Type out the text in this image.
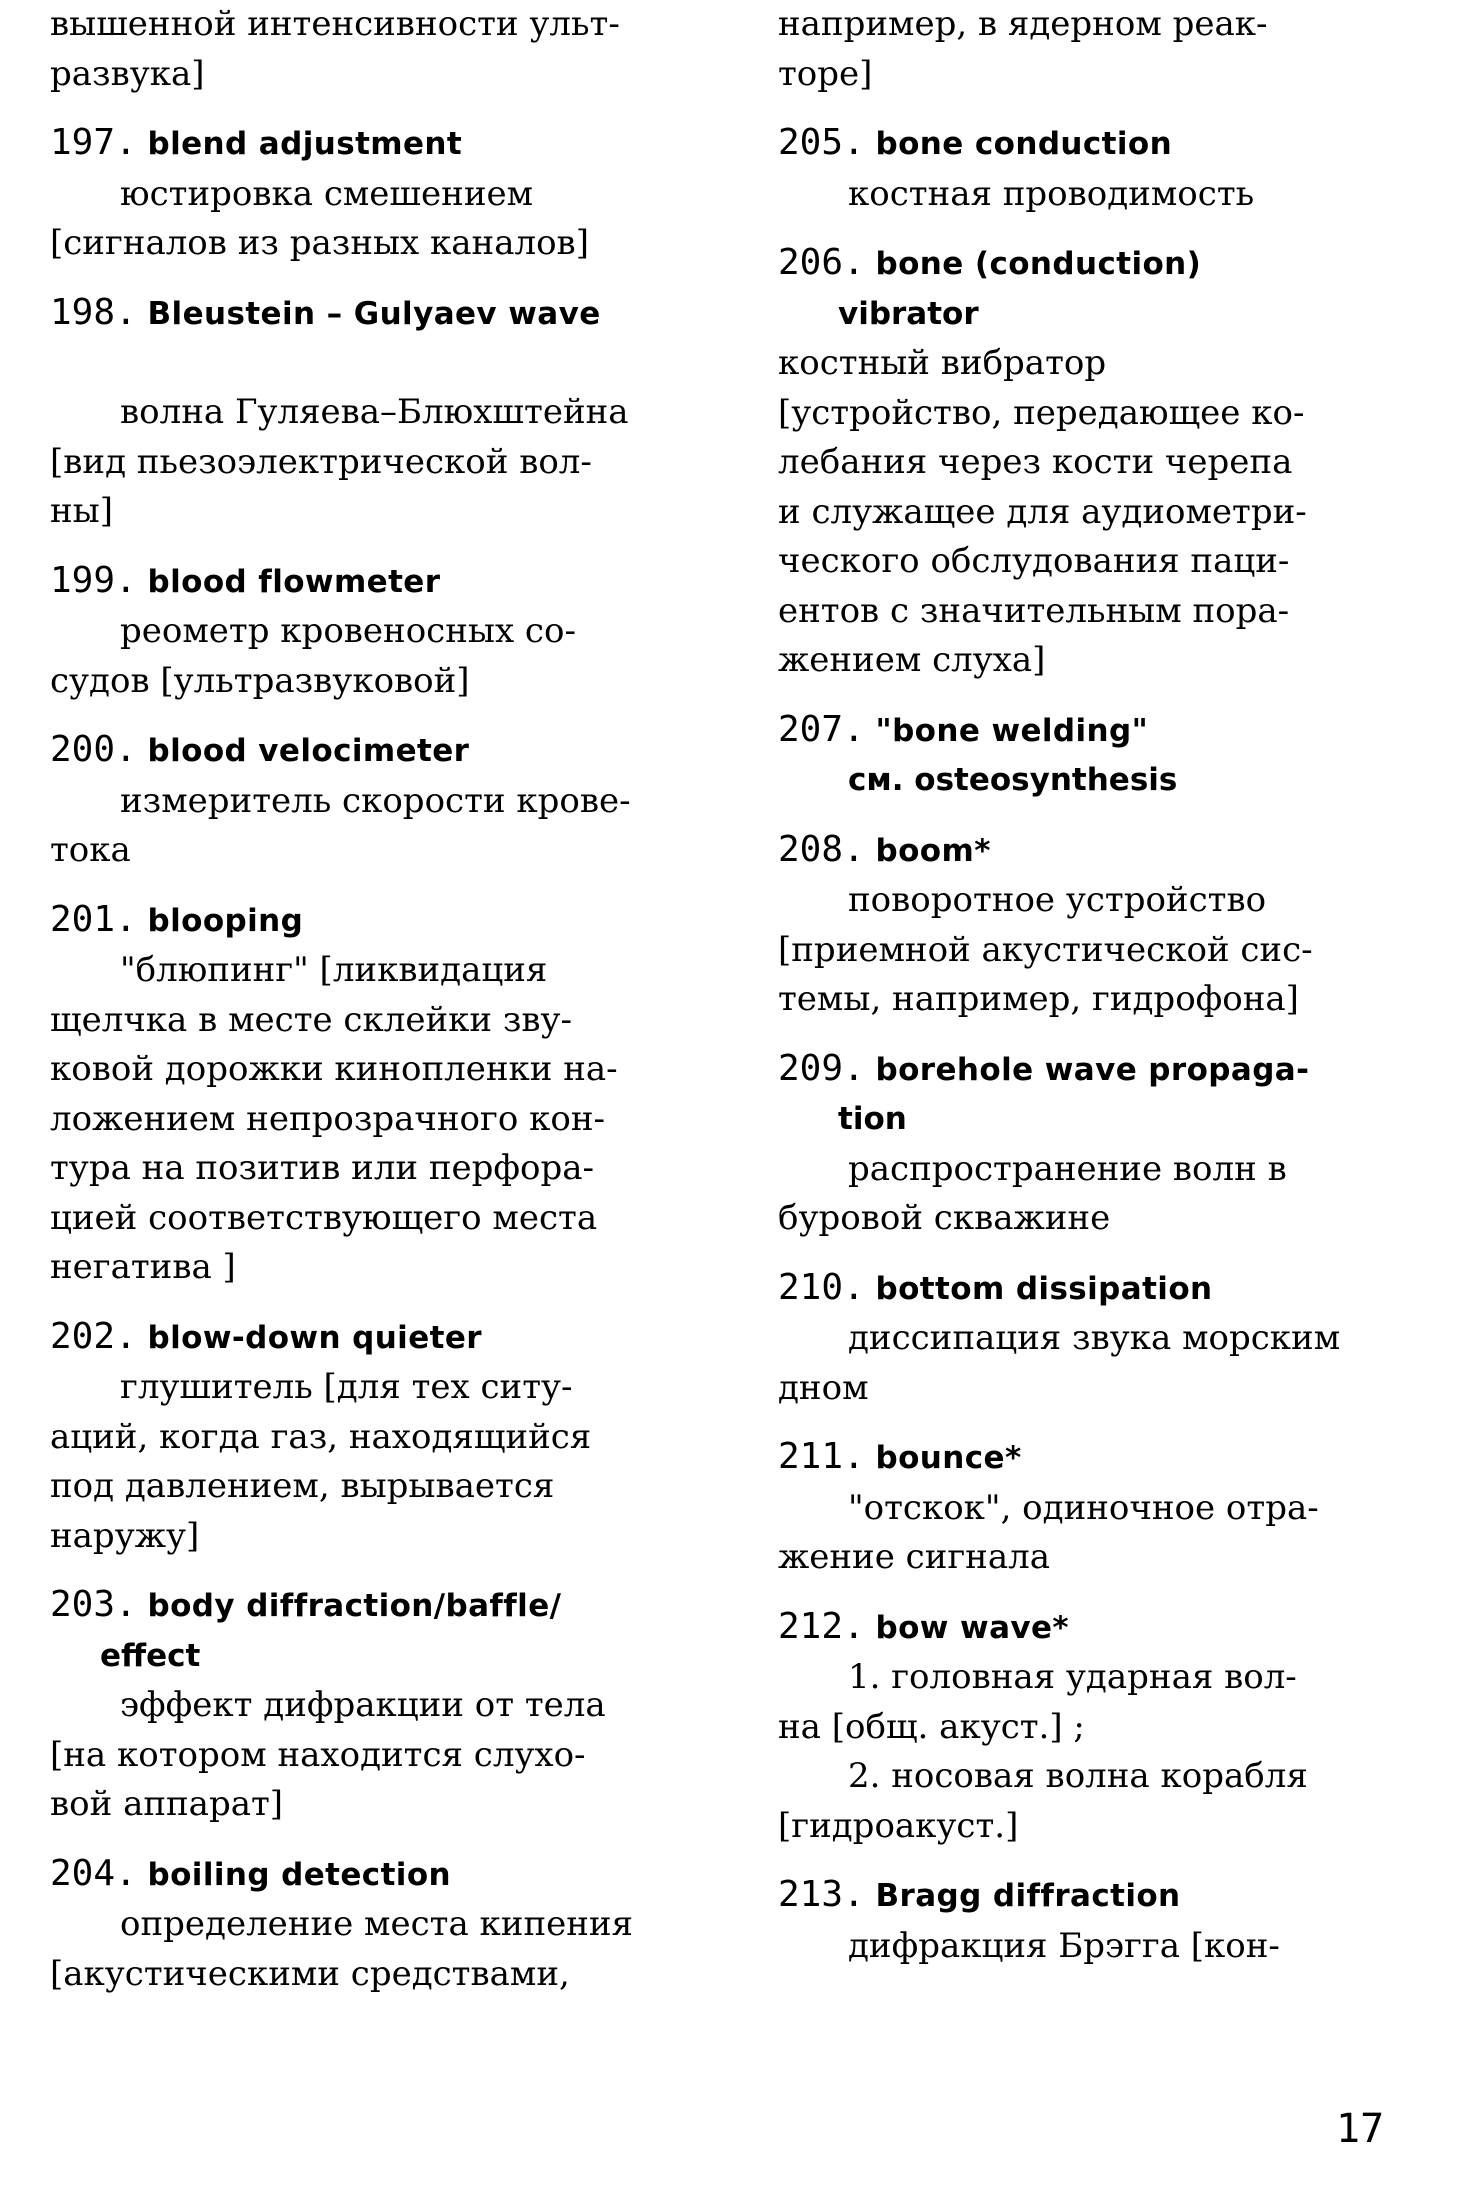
вышенной интенсивности ульт-
развука]
197. blend adjustment
юстировка смешением
[сигналов из разных каналов]
198. Bleustein – Gulyaev wave
волна Гуляева–Блюхштейна
[вид пьезоэлектрической вол-
ны]
199. blood flowmeter
реометр кровеносных со-
судов [ультразвуковой]
200. blood velocimeter
измеритель скорости крове-
тока
201. blooping
"блюпинг" [ликвидация
щелчка в месте склейки зву-
ковой дорожки кинопленки на-
ложением непрозрачного кон-
тура на позитив или перфора-
цией соответствующего места
негатива ]
202. blow-down quieter
глушитель [для тех ситу-
аций, когда газ, находящийся
под давлением, вырывается
наружу]
203. body diffraction/baffle/
effect
эффект дифракции от тела
[на котором находится слухо-
вой аппарат]
204. boiling detection
определение места кипения
[акустическими средствами,
например, в ядерном реак-
торе]
205. bone conduction
костная проводимость
206. bone (conduction)
vibrator
костный вибратор
[устройство, передающее ко-
лебания через кости черепа
и служащее для аудиометри-
ческого обслудования паци-
ентов с значительным пора-
жением слуха]
207. "bone welding"
см. osteosynthesis
208. boom*
поворотное устройство
[приемной акустической сис-
темы, например, гидрофона]
209. borehole wave propaga-
tion
распространение волн в
буровой скважине
210. bottom dissipation
диссипация звука морским
дном
211. bounce*
"отскок", одиночное отра-
жение сигнала
212. bow wave*
1. головная ударная вол-
на [общ. акуст.] ;
2. носовая волна корабля
[гидроакуст.]
213. Bragg diffraction
дифракция Брэгга [кон-
17
